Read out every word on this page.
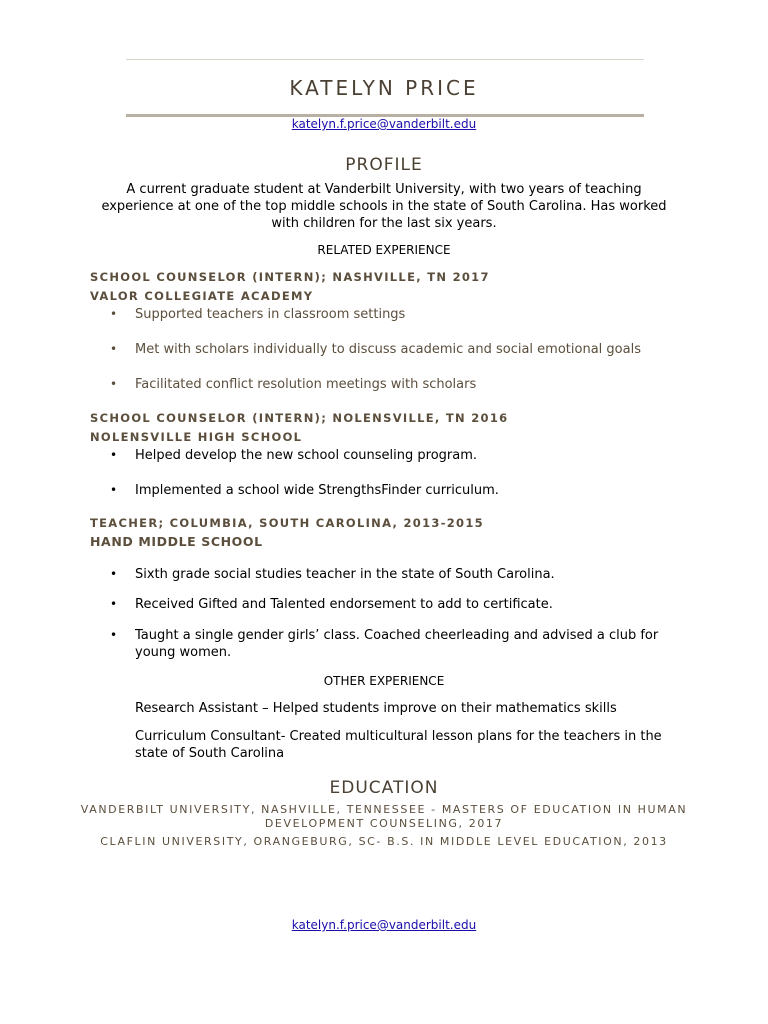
KATELYN PRICE
katelyn.f.price@vanderbilt.edu
PROFILE
A current graduate student at Vanderbilt University, with two years of teaching experience at one of the top middle schools in the state of South Carolina. Has worked with children for the last six years.
RELATED EXPERIENCE
SCHOOL COUNSELOR (INTERN); NASHVILLE, TN 2017
VALOR COLLEGIATE ACADEMY
• Supported teachers in classroom settings
• Met with scholars individually to discuss academic and social emotional goals
• Facilitated conflict resolution meetings with scholars
SCHOOL COUNSELOR (INTERN); NOLENSVILLE, TN 2016
NOLENSVILLE HIGH SCHOOL
• Helped develop the new school counseling program.
• Implemented a school wide StrengthsFinder curriculum.
TEACHER; COLUMBIA, SOUTH CAROLINA, 2013-2015
HAND MIDDLE SCHOOL
• Sixth grade social studies teacher in the state of South Carolina.
• Received Gifted and Talented endorsement to add to certificate.
• Taught a single gender girls’ class. Coached cheerleading and advised a club for young women.
OTHER EXPERIENCE
Research Assistant – Helped students improve on their mathematics skills
Curriculum Consultant- Created multicultural lesson plans for the teachers in the state of South Carolina
EDUCATION
VANDERBILT UNIVERSITY, NASHVILLE, TENNESSEE - MASTERS OF EDUCATION IN HUMAN DEVELOPMENT COUNSELING, 2017
CLAFLIN UNIVERSITY, ORANGEBURG, SC- B.S. IN MIDDLE LEVEL EDUCATION, 2013
katelyn.f.price@vanderbilt.edu
